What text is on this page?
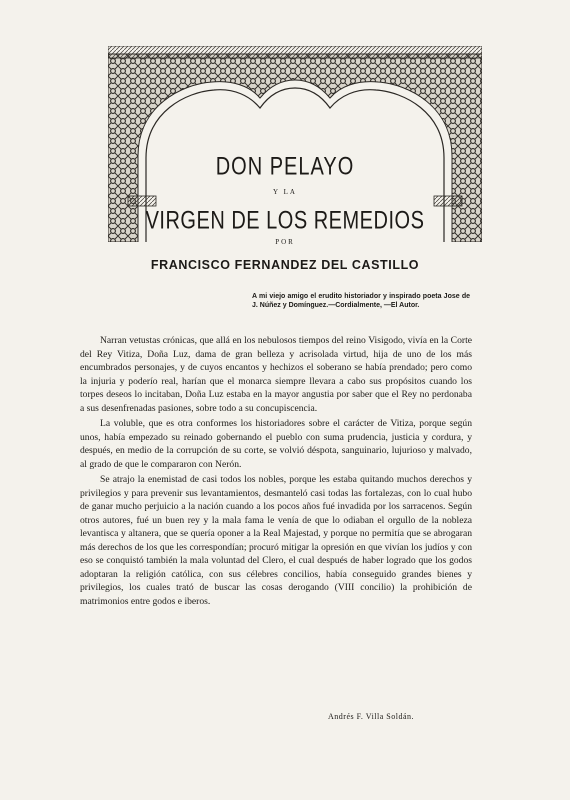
DON PELAYO
Y LA
VIRGEN DE LOS REMEDIOS
POR
FRANCISCO FERNANDEZ DEL CASTILLO
A mi viejo amigo el erudito historiador y inspirado poeta Jose de J. Núñez y Domínguez.—Cordialmente, —El Autor.

Narran vetustas crónicas, que allá en los nebulosos tiempos del reino Visigodo, vivía en la Corte del Rey Vitiza, Doña Luz, dama de gran belleza y acrisolada virtud, hija de uno de los más encumbrados personajes, y de cuyos encantos y hechizos el soberano se había prendado; pero como la injuria y poderío real, harían que el monarca siempre llevara a cabo sus propósitos cuando los torpes deseos lo incitaban, Doña Luz estaba en la mayor angustia por saber que el Rey no perdonaba a sus desenfrenadas pasiones, sobre todo a su concupiscencia.

La voluble, que es otra conformes los historiadores sobre el carácter de Vitiza, porque según unos, había empezado su reinado gobernando el pueblo con suma prudencia, justicia y cordura, y después, en medio de la corrupción de su corte, se volvió déspota, sanguinario, lujurioso y malvado, al grado de que le compararon con Nerón.

Se atrajo la enemistad de casi todos los nobles, porque les estaba quitando muchos derechos y privilegios y para prevenir sus levantamientos, desmanteló casi todas las fortalezas, con lo cual hubo de ganar mucho perjuicio a la nación cuando a los pocos años fué invadida por los sarracenos. Según otros autores, fué un buen rey y la mala fama le venía de que lo odiaban el orgullo de la nobleza levantisca y altanera, que se quería oponer a la Real Majestad, y porque no permitía que se abrogaran más derechos de los que les correspondían; procuró mitigar la opresión en que vivían los judíos y con eso se conquistó también la mala voluntad del Clero, el cual después de haber logrado que los godos adoptaran la religión católica, con sus célebres concilios, había conseguido grandes bienes y privilegios, los cuales trató de buscar las cosas derogando (VIII concilio) la prohibición de matrimonios entre godos e iberos.

Andrés F. Villa Soldán.
